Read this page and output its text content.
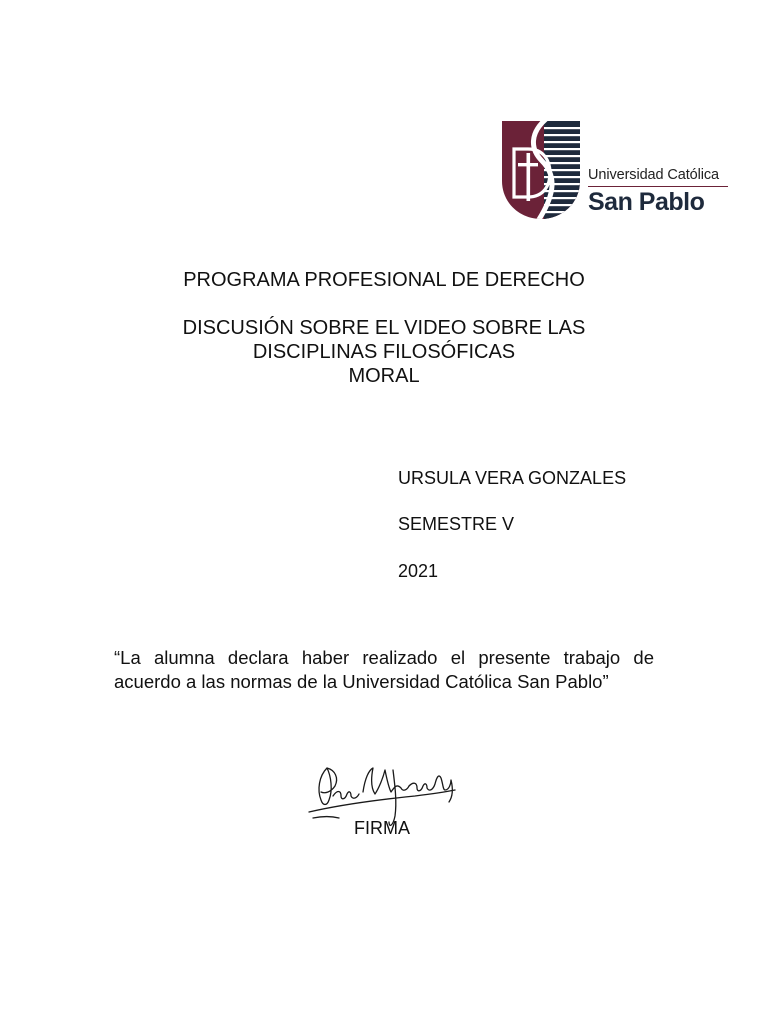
Universidad Católica
San Pablo
PROGRAMA PROFESIONAL DE DERECHO
DISCUSIÓN SOBRE EL VIDEO SOBRE LAS
DISCIPLINAS FILOSÓFICAS
MORAL
URSULA VERA GONZALES
SEMESTRE V
2021
“La alumna declara haber realizado el presente trabajo de
acuerdo a las normas de la Universidad Católica San Pablo”
FIRMA
